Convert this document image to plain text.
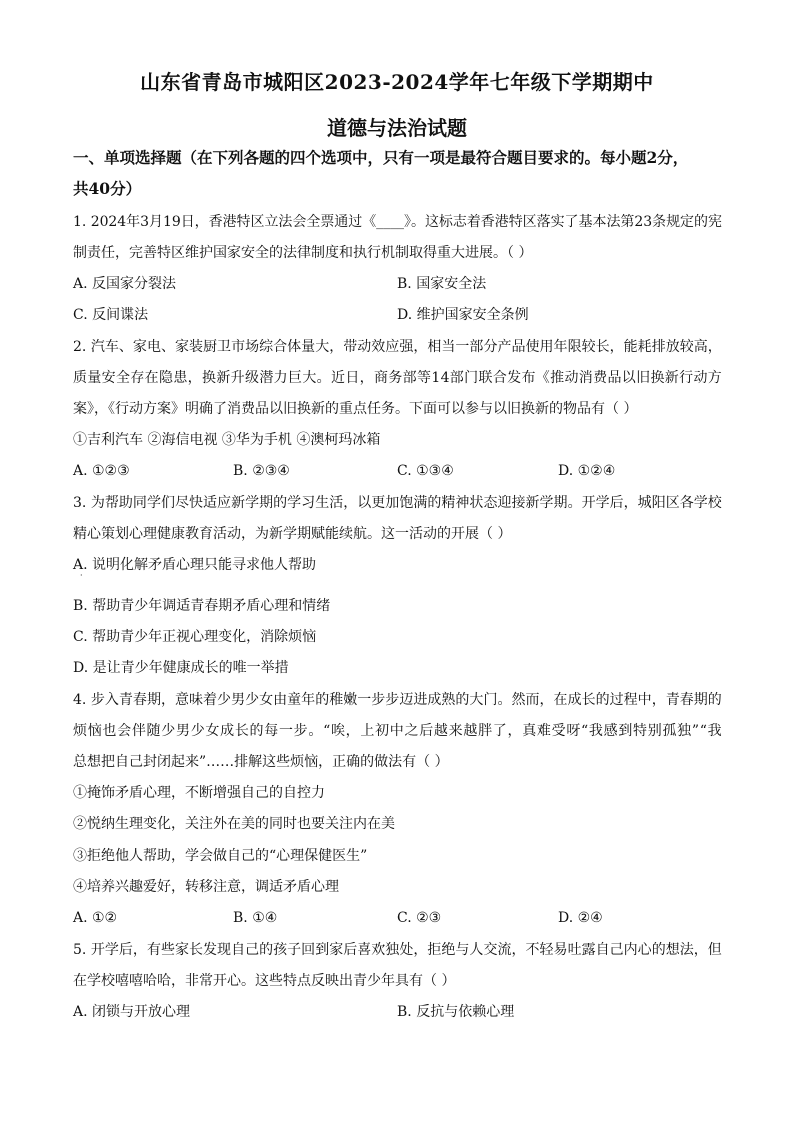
山东省青岛市城阳区2023-2024学年七年级下学期期中
道德与法治试题
一、单项选择题（在下列各题的四个选项中，只有一项是最符合题目要求的。每小题2分，
共40分）
1. 2024年3月19日，香港特区立法会全票通过《____》。这标志着香港特区落实了基本法第23条规定的宪
制责任，完善特区维护国家安全的法律制度和执行机制取得重大进展。（ ）
A. 反国家分裂法	B. 国家安全法
C. 反间谍法	D. 维护国家安全条例
2. 汽车、家电、家装厨卫市场综合体量大，带动效应强，相当一部分产品使用年限较长，能耗排放较高，
质量安全存在隐患，换新升级潜力巨大。近日，商务部等14部门联合发布《推动消费品以旧换新行动方
案》，《行动方案》明确了消费品以旧换新的重点任务。下面可以参与以旧换新的物品有（ ）
①吉利汽车 ②海信电视 ③华为手机 ④澳柯玛冰箱
A. ①②③	B. ②③④	C. ①③④	D. ①②④
3. 为帮助同学们尽快适应新学期的学习生活，以更加饱满的精神状态迎接新学期。开学后，城阳区各学校
精心策划心理健康教育活动，为新学期赋能续航。这一活动的开展（ ）
A. 说明化解矛盾心理只能寻求他人帮助
·
B. 帮助青少年调适青春期矛盾心理和情绪
C. 帮助青少年正视心理变化，消除烦恼
D. 是让青少年健康成长的唯一举措
4. 步入青春期，意味着少男少女由童年的稚嫩一步步迈进成熟的大门。然而，在成长的过程中，青春期的
烦恼也会伴随少男少女成长的每一步。“唉，上初中之后越来越胖了，真难受呀“我感到特别孤独”“我
总想把自己封闭起来”……排解这些烦恼，正确的做法有（ ）
①掩饰矛盾心理，不断增强自己的自控力
②悦纳生理变化，关注外在美的同时也要关注内在美
③拒绝他人帮助，学会做自己的“心理保健医生”
④培养兴趣爱好，转移注意，调适矛盾心理
A. ①②	B. ①④	C. ②③	D. ②④
5. 开学后，有些家长发现自己的孩子回到家后喜欢独处，拒绝与人交流，不轻易吐露自己内心的想法，但
在学校嘻嘻哈哈，非常开心。这些特点反映出青少年具有（ ）
A. 闭锁与开放心理	B. 反抗与依赖心理
